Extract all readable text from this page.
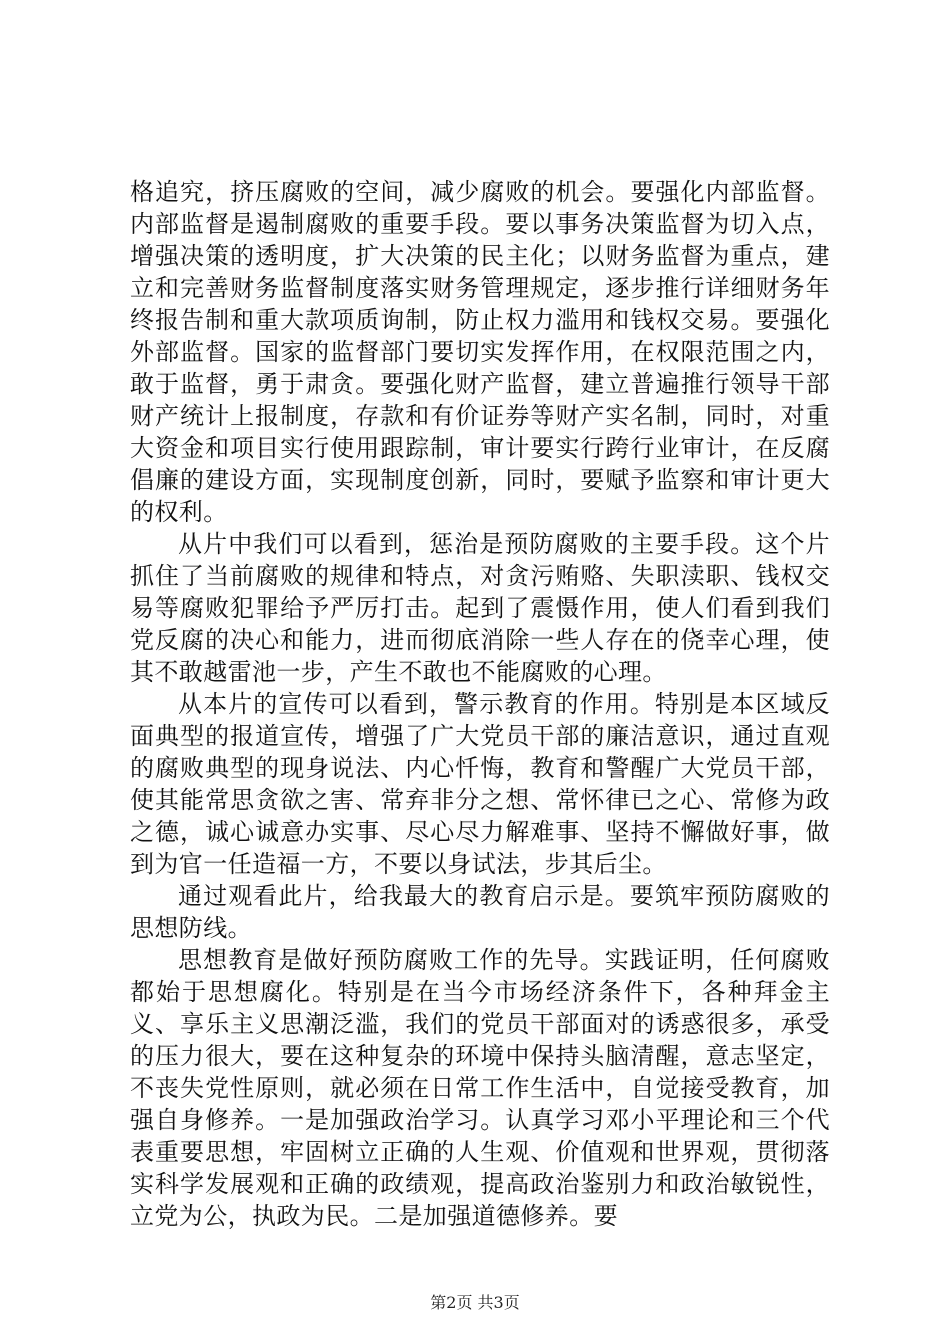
格追究，挤压腐败的空间，减少腐败的机会。要强化内部监督。内部监督是遏制腐败的重要手段。要以事务决策监督为切入点，增强决策的透明度，扩大决策的民主化；以财务监督为重点，建立和完善财务监督制度落实财务管理规定，逐步推行详细财务年终报告制和重大款项质询制，防止权力滥用和钱权交易。要强化外部监督。国家的监督部门要切实发挥作用，在权限范围之内，敢于监督，勇于肃贪。要强化财产监督，建立普遍推行领导干部财产统计上报制度，存款和有价证券等财产实名制，同时，对重大资金和项目实行使用跟踪制，审计要实行跨行业审计，在反腐倡廉的建设方面，实现制度创新，同时，要赋予监察和审计更大的权利。

从片中我们可以看到，惩治是预防腐败的主要手段。这个片抓住了当前腐败的规律和特点，对贪污贿赂、失职渎职、钱权交易等腐败犯罪给予严厉打击。起到了震慑作用，使人们看到我们党反腐的决心和能力，进而彻底消除一些人存在的侥幸心理，使其不敢越雷池一步，产生不敢也不能腐败的心理。

从本片的宣传可以看到，警示教育的作用。特别是本区域反面典型的报道宣传，增强了广大党员干部的廉洁意识，通过直观的腐败典型的现身说法、内心忏悔，教育和警醒广大党员干部，使其能常思贪欲之害、常弃非分之想、常怀律已之心、常修为政之德，诚心诚意办实事、尽心尽力解难事、坚持不懈做好事，做到为官一任造福一方，不要以身试法，步其后尘。

通过观看此片，给我最大的教育启示是。要筑牢预防腐败的思想防线。

思想教育是做好预防腐败工作的先导。实践证明，任何腐败都始于思想腐化。特别是在当今市场经济条件下，各种拜金主义、享乐主义思潮泛滥，我们的党员干部面对的诱惑很多，承受的压力很大，要在这种复杂的环境中保持头脑清醒，意志坚定，不丧失党性原则，就必须在日常工作生活中，自觉接受教育，加强自身修养。一是加强政治学习。认真学习邓小平理论和三个代表重要思想，牢固树立正确的人生观、价值观和世界观，贯彻落实科学发展观和正确的政绩观，提高政治鉴别力和政治敏锐性，立党为公，执政为民。二是加强道德修养。要

第2页 共3页
